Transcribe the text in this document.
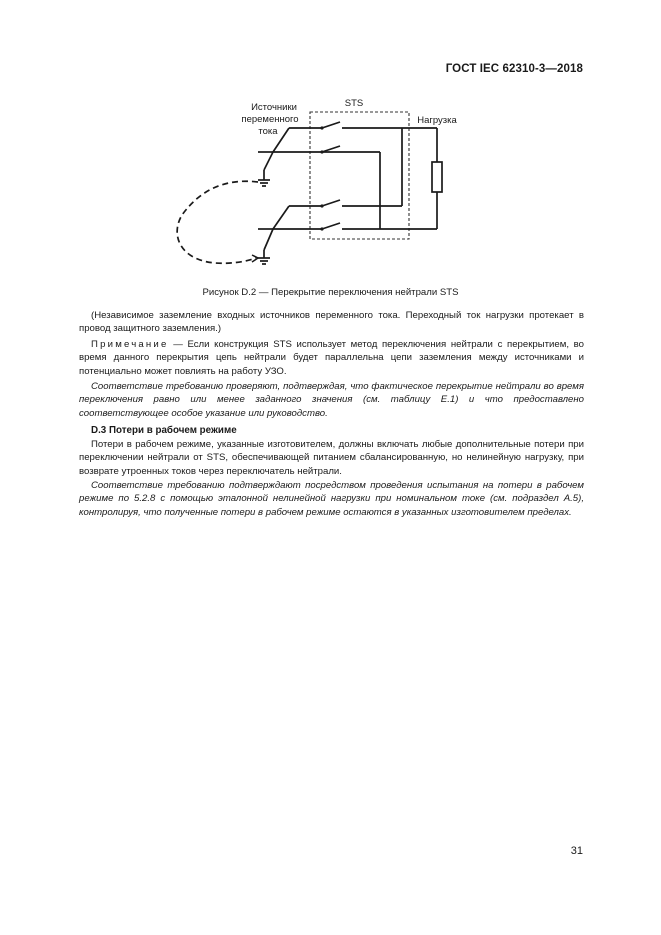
ГОСТ IEC 62310-3—2018
Источники
переменного
тока
STS
Нагрузка
Рисунок D.2 — Перекрытие переключения нейтрали STS
(Независимое заземление входных источников переменного тока. Переходный ток нагрузки протекает в провод защитного заземления.)
Примечание — Если конструкция STS использует метод переключения нейтрали с перекрытием, во время данного перекрытия цепь нейтрали будет параллельна цепи заземления между источниками и потенциально может повлиять на работу УЗО.
Соответствие требованию проверяют, подтверждая, что фактическое перекрытие нейтрали во время переключения равно или менее заданного значения (см. таблицу Е.1) и что предоставлено соответствующее особое указание или руководство.
D.3 Потери в рабочем режиме
Потери в рабочем режиме, указанные изготовителем, должны включать любые дополнительные потери при переключении нейтрали от STS, обеспечивающей питанием сбалансированную, но нелинейную нагрузку, при возврате утроенных токов через переключатель нейтрали.
Соответствие требованию подтверждают посредством проведения испытания на потери в рабочем режиме по 5.2.8 с помощью эталонной нелинейной нагрузки при номинальном токе (см. подраздел А.5), контролируя, что полученные потери в рабочем режиме остаются в указанных изготовителем пределах.
31
